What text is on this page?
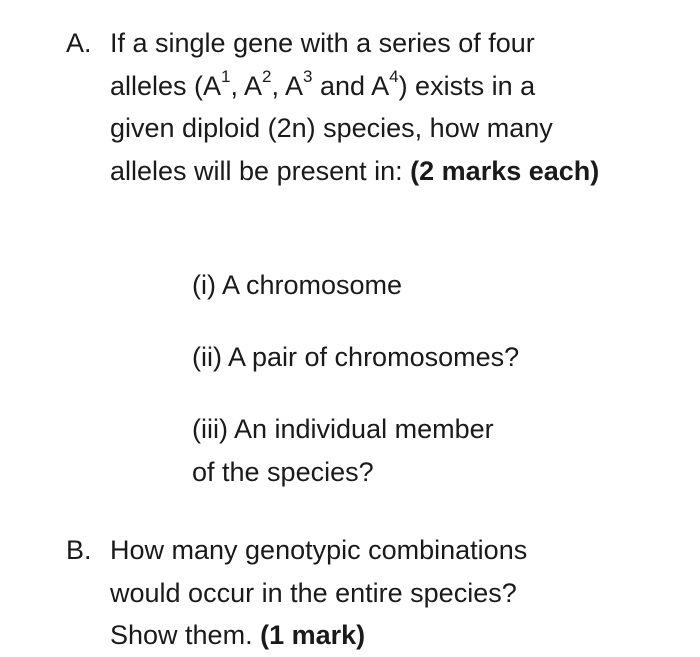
A. If a single gene with a series of four
alleles ($A^1$, $A^2$, $A^3$ and $A^4$) exists in a
given diploid (2n) species, how many
alleles will be present in: (2 marks each)
(i) A chromosome
(ii) A pair of chromosomes?
(iii) An individual member
of the species?
B. How many genotypic combinations
would occur in the entire species?
Show them. (1 mark)
